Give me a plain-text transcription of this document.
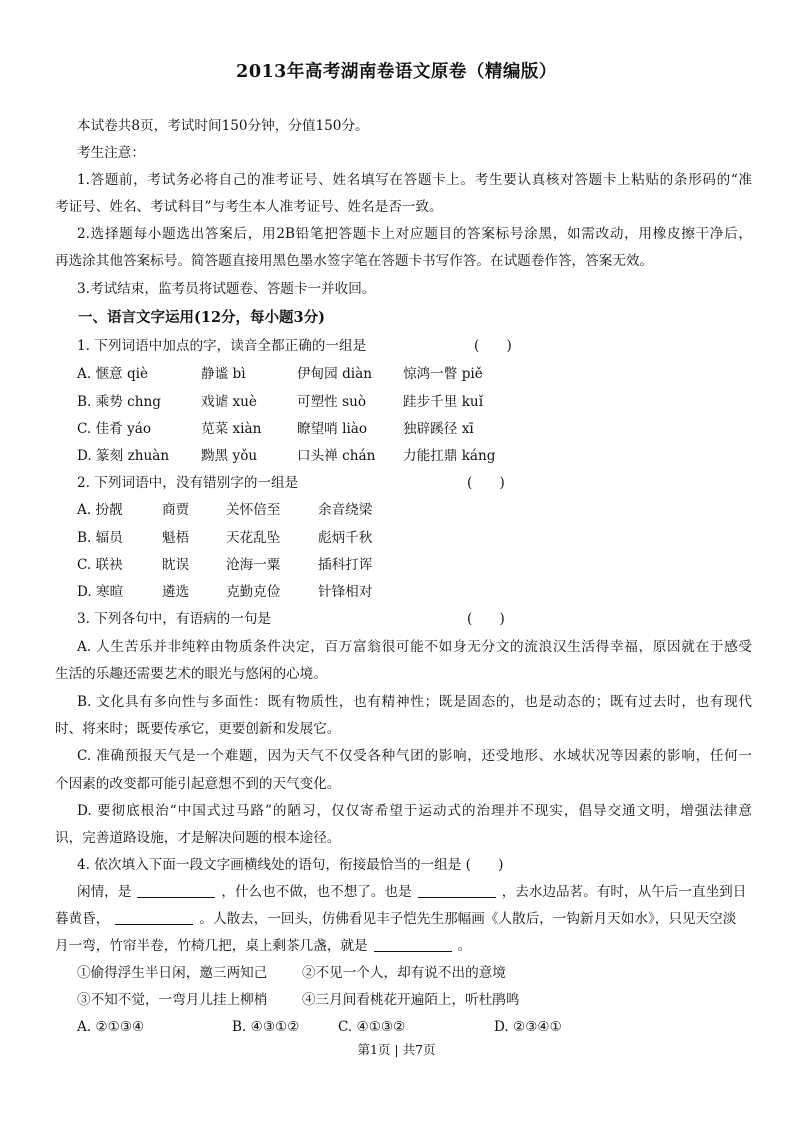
2013年高考湖南卷语文原卷（精编版）
本试卷共8页，考试时间150分钟，分值150分。
考生注意：
1.答题前，考试务必将自己的准考证号、姓名填写在答题卡上。考生要认真核对答题卡上粘贴的条形码的“准
考证号、姓名、考试科目”与考生本人准考证号、姓名是否一致。
2.选择题每小题选出答案后，用2B铅笔把答题卡上对应题目的答案标号涂黑，如需改动，用橡皮擦干净后，
再选涂其他答案标号。简答题直接用黑色墨水签字笔在答题卡书写作答。在试题卷作答，答案无效。
3.考试结束，监考员将试题卷、答题卡一并收回。
一、语言文字运用(12分，每小题3分)
1. 下列词语中加点的字，读音全都正确的一组是	(　　)
A. 惬意 qiè	静谧 bì	伊甸园 diàn 惊鸿一瞥 piě
B. 乘势 chng	戏谑 xuè	可塑性 suò	跬步千里 kuǐ
C. 佳肴 yáo	苋菜 xiàn	瞭望哨 liào	独辟蹊径 xī
D. 篆刻 zhuàn 黝黑 yǒu	口头禅 chán 力能扛鼎 káng
2. 下列词语中，没有错别字的一组是	(　　)
A. 扮靓	商贾	关怀倍至	余音绕梁
B. 辐员	魁梧	天花乱坠	彪炳千秋
C. 联袂	眈误	沧海一粟	插科打诨
D. 寒暄	遴选	克勤克俭	针锋相对
3. 下列各句中，有语病的一句是	(　　)
A. 人生苦乐并非纯粹由物质条件决定，百万富翁很可能不如身无分文的流浪汉生活得幸福，原因就在于感受
生活的乐趣还需要艺术的眼光与悠闲的心境。
B. 文化具有多向性与多面性：既有物质性，也有精神性；既是固态的，也是动态的；既有过去时，也有现代
时、将来时；既要传承它，更要创新和发展它。
C. 准确预报天气是一个难题，因为天气不仅受各种气团的影响，还受地形、水域状况等因素的影响，任何一
个因素的改变都可能引起意想不到的天气变化。
D. 要彻底根治“中国式过马路”的陋习，仅仅寄希望于运动式的治理并不现实，倡导交通文明，增强法律意
识，完善道路设施，才是解决问题的根本途径。
4. 依次填入下面一段文字画横线处的语句，衔接最恰当的一组是 (　　)
闲情，是	，什么也不做，也不想了。也是	，去水边品茗。有时，从午后一直坐到日
暮黄昏，	。人散去，一回头，仿佛看见丰子恺先生那幅画《人散后，一钩新月天如水》，只见天空淡
月一弯，竹帘半卷，竹椅几把，桌上剩茶几盏，就是	。
①偷得浮生半日闲，邀三两知己	②不见一个人，却有说不出的意境
③不知不觉，一弯月儿挂上柳梢	④三月间看桃花开遍陌上，听杜鹃鸣
A. ②①③④	B. ④③①②	C. ④①③②	D. ②③④①
第1页 | 共7页
